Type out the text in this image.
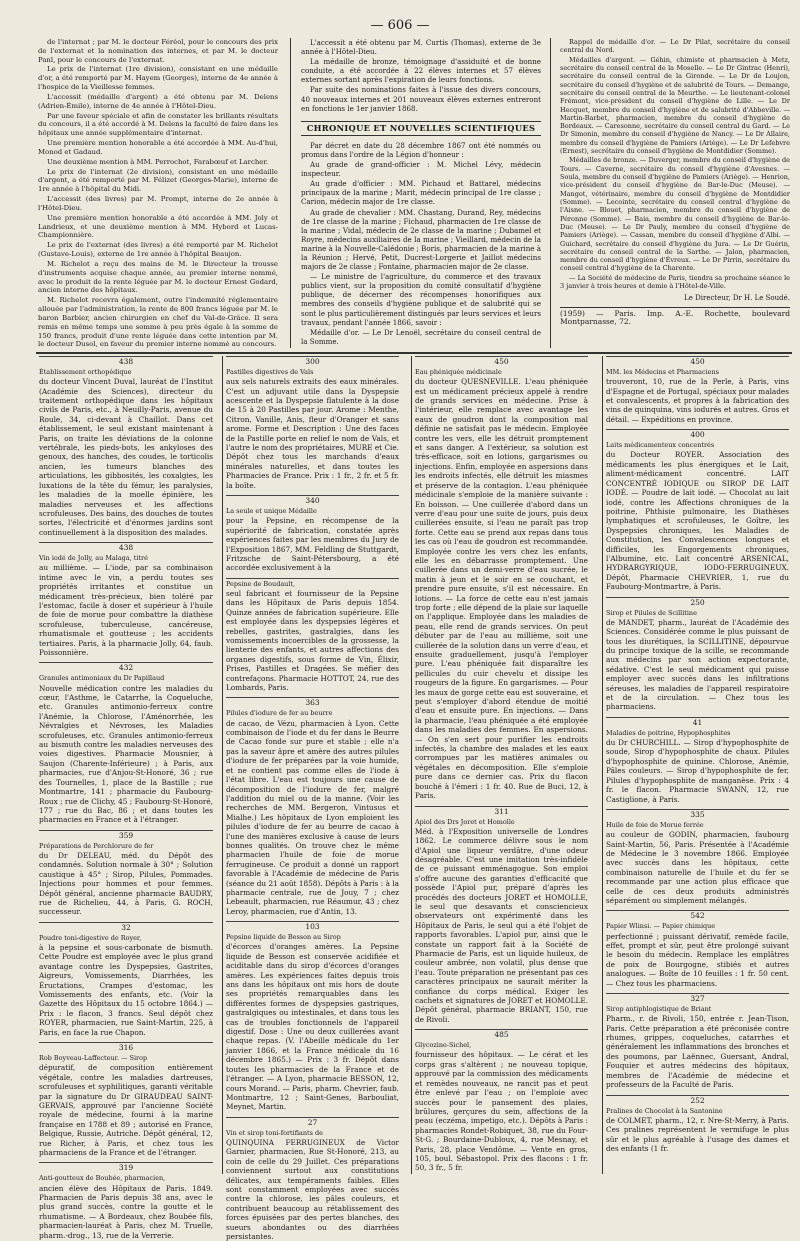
— 606 —

de l'internat ; par M. le docteur Féréol, pour le concours des prix de l'externat et la nomination des internes, et par M. le docteur Panl, pour le concours de l'externat.

Le prix de l'internat (1re division), consistant en une médaille d'or, a été remporté par M. Hayem (Georges), interne de 4e année à l'hospice de la Vieillesse femmes.

L'accessit (médaille d'argent) a été obtenu par M. Delens (Adrien-Émile), interne de 4e année à l'Hôtel-Dieu.

Par une faveur spéciale et afin de constater les brillants résultats du concours, il a été accordé à M. Delens la faculté de faire dans les hôpitaux une année supplémentaire d'internat.

Une première mention honorable a été accordée à MM. Au-d'hui, Monod et Gadaud.

Une deuxième mention à MM. Perrochot, Farabœuf et Larcher.

Le prix de l'internat (2e division), consistant en une médaille d'argent, a été remporté par M. Félizet (Georges-Marie), interne de 1re année à l'hôpital du Midi.

L'accessit (des livres) par M. Prompt, interne de 2e année à l'Hôtel-Dieu.

Une première mention honorable a été accordée à MM. Joly et Landrieux, et une deuxième mention à MM. Hybord et Lucas-Championnière.

Le prix de l'externat (des livres) a été remporté par M. Richelot (Gustave-Louis), externe de 1re année à l'hôpital Beaujon.

M. Richelot a reçu des mains de M. le Directeur la trousse d'instruments acquise chaque année, au premier interne nommé, avec le produit de la rente léguée par M. le docteur Ernest Godard, ancien interne des hôpitaux.

M. Richelot recevra également, outre l'indemnité réglementaire allouée par l'administration, la rente de 800 francs léguée par M. le baron Barbier, ancien chirurgien en chef du Val-de-Grâce. Il sera remis en même temps une somme à peu près égale à la somme de 150 francs, produit d'une rente léguée dans cette intention par M. le docteur Dusol, en faveur du premier interne nommé au concours.

L'accessit a été obtenu par M. Curtis (Thomas), externe de 3e année à l'Hôtel-Dieu.

La médaille de bronze, témoignage d'assiduité et de bonne conduite, a été accordée à 22 élèves internes et 57 élèves externes sortant après l'expiration de leurs fonctions.

Par suite des nominations faites à l'issue des divers concours, 40 nouveaux internes et 201 nouveaux élèves externes entreront en fonctions le 1er janvier 1868.

CHRONIQUE ET NOUVELLES SCIENTIFIQUES

Par décret en date du 28 décembre 1867 ont été nommés ou promus dans l'ordre de la Légion d'honneur :

Au grade de grand-officier : M. Michel Lévy, médecin inspecteur.

Au grade d'officier : MM. Pichaud et Battarel, médecins principaux de la marine ; Marit, médecin principal de 1re classe ; Carion, médecin major de 1re classe.

Au grade de chevalier : MM. Chastang, Durand, Rey, médecins de 1re classe de la marine ; Fichaud, pharmacien de 1re classe de la marine ; Vidal, médecin de 2e classe de la marine ; Dubamel et Royre, médecins auxiliaires de la marine ; Vieillard, médecin de la marine à la Nouvelle-Calédonie ; Boris, pharmacien de la marine à la Réunion ; Hervé, Petit, Ducrest-Lorgerie et Jaillot médecins majors de 2e classe ; Fontaine, pharmacien major de 2e classe.

— Le ministre de l'agriculture, du commerce et des travaux publics vient, sur la proposition du comité consultatif d'hygiène publique, de décerner des récompenses honorifiques aux membres des conseils d'hygiène publique et de salubrité qui se sont le plus particulièrement distingués par leurs services et leurs travaux, pendant l'année 1866, savoir :

Médaille d'or. — Le Dr Lenoël, secrétaire du conseil central de la Somme.

Rappel de médaille d'or. — Le Dr Pilat, secrétaire du conseil central du Nord.

Médailles d'argent. — Géhin, chimiste et pharmacien à Metz, secrétaire du conseil central de la Moselle. — Le Dr Gintrac (Henri), secrétaire du conseil central de la Gironde. — Le Dr de Loujon, secrétaire du conseil d'hygiène et de salubrité de Tours. — Demange, secrétaire du conseil central de la Meurthe. — Le lieutenant-colonel Frémont, vice-président du conseil d'hygiène de Lille. — Le Dr Hecquet, membre du conseil d'hygiène et de salubrité d'Abbeville. — Martin-Barbet, pharmacien, membre du conseil d'hygiène de Bordeaux. — Caresonne, secrétaire du conseil central du Gard. — Le Dr Simonin, membre du conseil d'hygiène de Nancy. — Le Dr Allaire, membre du conseil d'hygiène de Pamiers (Ariège). — Le Dr Lefebvre (Ernest), secrétaire du conseil d'hygiène de Montdidier (Somme).

Médailles de bronze. — Duverger, membre du conseil d'hygiène de Tours. — Caverne, secrétaire du conseil d'hygiène d'Avesnes. — Soula, membre du conseil d'hygiène de Pamiers (Ariège). — Henrion, vice-président du conseil d'hygiène de Bar-le-Duc (Meuse). — Mangot, vétérinaire, membre du conseil d'hygiène de Montdidier (Somme). — Lecointe, secrétaire du conseil central d'hygiène de l'Aisne. — Blouet, pharmacien, membre du conseil d'hygiène de Péronne (Somme). — Baia, membre du conseil d'hygiène de Bar-le-Duc (Meuse). — Le Dr Pauly, membre du conseil d'hygiène de Pamiers (Ariège). — Cassan, membre du conseil d'hygiène d'Albi. — Guichard, secrétaire du conseil d'hygiène du Jura. — Le Dr Guérin, secrétaire du conseil central de la Sarthe. — Jalon, pharmacien, membre du conseil d'hygiène d'Évreux. — Le Dr Pirrin, secrétaire du conseil central d'hygiène de la Charente.

— La Société de médecine de Paris, tiendra sa prochaine séance le 3 janvier à trois heures et demie à l'Hôtel-de-Ville.

Le Directeur, Dr H. Le Soudé.
(1959) — Paris. Imp. A.-E. Rochette, boulevard Montparnasse, 72.
438
Établissement orthopédique

du docteur Vincent Duval, lauréat de l'Institut (Académie des Sciences), directeur du traitement orthopédique dans les hôpitaux civils de Paris, etc., à Neuilly-Paris, avenue du Roule, 34, ci-devant à Chaillot. Dans cet établissement, le seul existant maintenant à Paris, on traite les déviations de la colonne vertébrale, les pieds-bots, les ankyloses des genoux, des hanches, des coudes, le torticolis ancien, les tumeurs blanches des articulations, les gibbosités, les coxalgies, les luxations de la tête du fémur, les paralysies, les maladies de la moelle épinière, les maladies nerveuses et les affections scrofuleuses. Des bains, des douches de toutes sortes, l'électricité et d'énormes jardins sont continuellement à la disposition des malades.

438
Vin iodé de Jolly, au Malaga, titré

au millième. — L'iode, par sa combinaison intime avec le vin, a perdu toutes ses propriétés irritantes et constitue un médicament très-précieux, bien toléré par l'estomac, facile à doser et supérieur à l'huile de foie de morue pour combattre la diathèse scrofuleuse, tuberculeuse, cancéreuse, rhumatismale et goutteuse ; les accidents tertiaires. Paris, à la pharmacie Jolly, 64, faub. Poissonnière.

432
Granules antimoniaux du Dr Papillaud

Nouvelle médication contre les maladies du cœur, l'Asthme, le Catarrhe, la Coqueluche, etc. Granules antimonio-ferreux contre l'Anémie, la Chlorose, l'Aménorrhée, les Névralgies et Névroses, les Maladies scrofuleuses, etc. Granules antimonio-ferreux au bismuth contre les maladies nerveuses des voies digestives. Pharmacie Mousnier, à Saujon (Charente-Inférieure) ; à Paris, aux pharmacies, rue d'Anjou-St-Honoré, 36 ; rue des Tournelles, 1, place de la Bastille ; rue Montmartre, 141 ; pharmacie du Faubourg-Roux ; rue de Clichy, 45 ; Faubourg-St-Honoré, 177 ; rue du Bac, 86 ; et dans toutes les pharmacies en France et à l'étranger.

359
Préparations de Perchlorure de fer

du Dr DELEAU, méd. du Dépôt des condamnés. Solution normale à 30° ; Solution caustique à 45° ; Sirop, Pilules, Pommades. Injections pour hommes et pour femmes. Dépôt général, ancienne pharmacie BAUDRY, rue de Richelieu, 44, à Paris, G. ROCH, successeur.

32
Poudre toni-digestive de Royer,

à la pepsine et sous-carbonate de bismuth. Cette Poudre est employée avec le plus grand avantage contre les Dyspepsies, Gastrites, Aigreurs, Vomissements, Diarrhées, les Éructations, Crampes d'estomac, les Vomissements des enfants, etc. (Voir la Gazette des Hôpitaux du 15 octobre 1864.) — Prix : le flacon, 3 francs. Seul dépôt chez ROYER, pharmacien, rue Saint-Martin, 225, à Paris, en face la rue Chapon.

316
Rob Boyveau-Laffecteur. — Sirop

dépuratif, de composition entièrement végétale, contre les maladies dartreuses, scrofuleuses et syphilitiques, garanti véritable par la signature du Dr GIRAUDEAU SAINT-GERVAIS, approuvé par l'ancienne Société royale de médecine, fourni à la marine française en 1788 et 89 ; autorisé en France, Belgique, Russie, Autriche. Dépôt général, 12, rue Richer, à Paris, et chez tous les pharmaciens de la France et de l'étranger.

319
Anti-goutteux de Boubée, pharmacien,

ancien élève des Hôpitaux de Paris. 1849. Pharmacien de Paris depuis 38 ans, avec le plus grand succès, contre la goutte et le rhumatisme. — A Bordeaux, chez Boubée fils, pharmacien-lauréat à Paris, chez M. Truelle, pharm.-drog., 13, rue de la Verrerie.

300
Pastilles digestives de Vals

aux sels naturels extraits des eaux minérales. C'est un adjuvant utile dans la Dyspepsie acescente et la Dyspepsie flatulente à la dose de 15 à 20 Pastilles par jour. Arome : Menthe, Citron, Vanille, Anis, fleur d'Oranger et sans arome. Forme et Description : Une des faces de la Pastille porte en relief le nom de Vals, et l'autre le nom des propriétaires, MURE et Cie. Dépôt chez tous les marchands d'eaux minérales naturelles, et dans toutes les Pharmacies de France. Prix : 1 fr., 2 fr. et 5 fr. la boîte.

340
La seule et unique Médaille

pour la Pepsine, en récompense de la supériorité de fabrication, constatée après expériences faites par les membres du Jury de l'Exposition 1867, MM. Feldling de Stuttgardt, Fritzsche de Saint-Pétersbourg, a été accordée exclusivement à la

Pepsine de Boudault,

seul fabricant et fournisseur de la Pepsine dans les Hôpitaux de Paris depuis 1854. Quinze années de fabrication supérieure. Elle est employée dans les dyspepsies légères et rebelles, gastrites, gastralgies, dans les vomissements incoercibles de la grossesse, la lienterie des enfants, et autres affections des organes digestifs, sous forme de Vin, Élixir, Prises, Pastilles et Dragées. Se méfier des contrefaçons. Pharmacie HOTTOT, 24, rue des Lombards, Paris.

363
Pilules d'iodure de fer au beurre

de cacao, de Vézu, pharmacien à Lyon. Cette combinaison de l'iode et du fer dans le Beurre de Cacao fonde sur pure et stable ; elle n'a pas la saveur âpre et amère des autres pilules d'iodure de fer préparées par la voie humide, et ne contient pas comme elles de l'iode à l'état libre. L'eau est toujours une cause de décomposition de l'iodure de fer, malgré l'addition du miel ou de la manne. (Voir les recherches de MM. Bergeron, Vintusus et Mialhe.) Les hôpitaux de Lyon emploient les pilules d'iodure de fer au beurre de cacao à l'une des manières exclusive à cause de leurs bonnes qualités. On trouve chez le même pharmacien l'huile de foie de morue ferrugineuse. Ce produit a donné un rapport favorable à l'Académie de médecine de Paris (séance du 21 août 1858). Dépôts à Paris : à la pharmacie centrale, rue de Jouy, 7 ; chez Lebeault, pharmacien, rue Réaumur, 43 ; chez Leroy, pharmacien, rue d'Antin, 13.

103
Pepsine liquide de Besson au Sirop

d'écorces d'oranges amères. La Pepsine liquide de Besson est conservée acidifiée et aciditable dans du sirop d'écorces d'oranges amères. Les expériences faites depuis trois ans dans les hôpitaux ont mis hors de doute ses propriétés remarquables dans les différentes formes de dyspepsies gastriques, gastralgiques ou intestinales, et dans tous les cas de troubles fonctionnels de l'appareil digestif. Dose : Une ou deux cuillerées avant chaque repas. (V. l'Abeille médicale du 1er janvier 1866, et la France médicale du 16 décembre 1865.) — Prix : 3 fr. Dépôt dans toutes les pharmacies de la France et de l'étranger. — A Lyon, pharmacie BESSON, 12, cours Morand. — Paris, pharm. Chevrier, faub. Montmartre, 12 ; Saint-Genes, Barbouliat, Meynet, Martin.

27
Vin et sirop toni-fortifiants de

QUINQUINA FERRUGINEUX de Victor Garnier, pharmacien, Rue St-Honoré, 213, au coin de celle du 29 Juillet. Ces préparations conviennent surtout aux constitutions délicates, aux tempéraments faibles. Elles sont constamment employées avec succès contre la chlorose, les pâles couleurs, et contribuent beaucoup au rétablissement des forces épuisées par des pertes blanches, des sueurs abondantes ou des diarrhées persistantes.

450
Eau phéniquée médicinale

du docteur QUESNEVILLE. L'eau phéniquée est un médicament précieux appelé à rendre de grands services en médecine. Prise à l'intérieur, elle remplace avec avantage les eaux de goudron dont la composition mal définie ne satisfait pas le médecin. Employée contre les vers, elle les détruit promptement et sans danger. A l'extérieur, sa solution est très-efficace, soit en lotions, gargarismes ou injections. Enfin, employée en aspersions dans les endroits infectés, elle détruit les miasmes et préserve de la contagion. L'eau phéniquée médicinale s'emploie de la manière suivante : En boisson. — Une cuillerée d'abord dans un verre d'eau pour une suite de jours, puis deux cuillerées ensuite, si l'eau ne paraît pas trop forte. Cette eau se prend aux repas dans tous les cas où l'eau de goudron est recommandée. Employée contre les vers chez les enfants, elle les en débarrasse promptement. Une cuillerée dans un demi-verre d'eau sucrée, le matin à jeun et le soir en se couchant, et prendre pure ensuite, s'il est nécessaire. En lotions. — La force de cette eau n'est jamais trop forte ; elle dépend de la plaie sur laquelle on l'applique. Employée dans les maladies de peau, elle rend de grands services. On peut débuter par de l'eau au millième, soit une cuillerée de la solution dans un verre d'eau, et ensuite graduellement, jusqu'à l'employer pure. L'eau phéniquée fait disparaître les pellicules du cuir chevelu et dissipe les rougeurs de la figure. En gargarismes. — Pour les maux de gorge cette eau est souveraine, et peut s'employer d'abord étendue de moitié d'eau et ensuite pure. En injections. — Dans la pharmacie, l'eau phéniquée a été employée dans les maladies des femmes. En aspersions. — On s'en sert pour purifier les endroits infectés, la chambre des malades et les eaux corrompues par les matières animales ou végétales en décomposition. Elle s'emploie pure dans ce dernier cas. Prix du flacon bouché à l'émeri : 1 fr. 40. Rue de Buci, 12, à Paris.

311
Apiol des Drs Joret et Homolle

Méd. à l'Exposition universelle de Londres 1862. Le commerce délivre sous le nom d'Apiol une liqueur verdâtre, d'une odeur désagréable. C'est une imitation très-infidèle de ce puissant emménagogue. Son emploi s'offre aucune des garanties d'efficacité que possède l'Apiol pur, préparé d'après les procédés des docteurs JORET et HOMOLLE, le seul que desavants et consciencieux observateurs ont expérimenté dans les Hôpitaux de Paris, le seul qui a été l'objet de rapports favorables. L'apiol pur, ainsi que le constate un rapport fait à la Société de Pharmacie de Paris, est un liquide huileux, de couleur ambrée, non volatil, plus dense que l'eau. Toute préparation ne présentant pas ces caractères principaux ne saurait mériter la confiance du corps médical. Exiger les cachets et signatures de JORET et HOMOLLE. Dépôt général, pharmacie BRIANT, 150, rue de Rivoli.

485
Glycozine-Sichel,

fournisseur des hôpitaux. — Le cérat et les corps gras s'altèrent ; ne nouveau topique, approuvé par la commission des médicaments et remèdes nouveaux, ne rancit pas et peut être enlevé par l'eau ; on l'emploie avec succès pour le pansement des plaies, brûlures, gerçures du sein, affections de la peau (eczéma, impetigo, etc.). Dépôts à Paris : pharmacies Rondet-Robiquet, 38, rue du Four-St-G. ; Bourdaine-Dubloux, 4, rue Mesnay, et Paris, 28, place Vendôme. — Vente en gros, 105, boul. Sébastopol. Prix des flacons : 1 fr. 50, 3 fr., 5 fr.

450
MM. les Médecins et Pharmaciens

trouveront, 10, rue de la Perle, à Paris, vins d'Espagne et de Portugal, spéciaux pour malades et convalescents, et propres à la fabrication des vins de quinquina, vins iodurés et autres. Gros et détail. — Expéditions en province.

400
Laits médicamenteux concentrés

du Docteur ROYER. Association des médicaments les plus énergiques et le Lait, aliment-médicament concentré. LAIT CONCENTRÉ IODIQUE ou SIROP DE LAIT IODÉ. — Poudre de lait iodé. — Chocolat au lait iodé, contre les Affections chroniques de la poitrine, Phthisie pulmonaire, les Diathèses lymphatiques et scrofuleuses, le Goître, les Dyspepsies chroniques, les Maladies de Constitution, les Convalescences longues et difficiles, les Engorgements chroniques, l'Albumine, etc. Lait concentré ARSENICAL, HYDRARGYRIQUE, IODO-FERRUGINEUX. Dépôt, Pharmacie CHEVRIER, 1, rue du Faubourg-Montmartre, à Paris.

250
Sirop et Pilules de Scillitine

de MANDET, pharm., lauréat de l'Académie des Sciences. Considérée comme le plus puissant de tous les diurétiques, la SCILLITINE, dépourvue du principe toxique de la scille, se recommande aux médecins par son action expectorante, sédative. C'est le seul médicament qui puisse employer avec succès dans les infiltrations séreuses, les maladies de l'appareil respiratoire et de la circulation. — Chez tous les pharmaciens.

41
Maladies de poitrine, Hypophosphites

du Dr CHURCHILL. — Sirop d'hypophosphite de soude, Sirop d'hypophosphite de chaux. Pilules d'hypophosphite de quinine. Chlorose, Anémie, Pâles couleurs. — Sirop d'hypophosphite de fer, Pilules d'hypophosphite de manganèse. Prix : 4 fr. le flacon. Pharmacie SWANN, 12, rue Castiglione, à Paris.

335
Huile de foie de Morue ferrée

au couleur de GODIN, pharmacien, faubourg Saint-Martin, 56, Paris. Présentée à l'Académie de Médecine le 3 novembre 1866. Employée avec succès dans les hôpitaux, cette combinaison naturelle de l'huile et du fer se recommande par une action plus efficace que celle de ces deux produits administrés séparément ou simplement mélangés.

542
Papier Wlinsi. — Papier chimique

perfectionné ; puissant dérivatif, remède facile, effet, prompt et sûr, peut être prolongé suivant le besoin du médecin. Remplace les emplâtres de poix de Bourgogne, stibiés et autres analogues. — Boîte de 10 feuilles : 1 fr. 50 cent. — Chez tous les pharmaciens.

327
Sirop antiphlogistique de Briant

Pharm., r. de Rivoli, 150, entrée r. Jean-Tison, Paris. Cette préparation a été préconisée contre rhumes, grippes, coqueluches, catarrhes et généralement les inflammations des bronches et des poumons, par Laënnec, Guersant, Andral, Fouquier et autres médecins des hôpitaux, membres de l'Académie de médecine et professeurs de la Faculté de Paris.

252
Pralines de Chocolat à la Santonine

de COLMET, pharm., 12, r. Nre-St-Merry, à Paris. Ces pralines représentent le vermifuge le plus sûr et le plus agréable à l'usage des dames et des enfants (1 fr.
